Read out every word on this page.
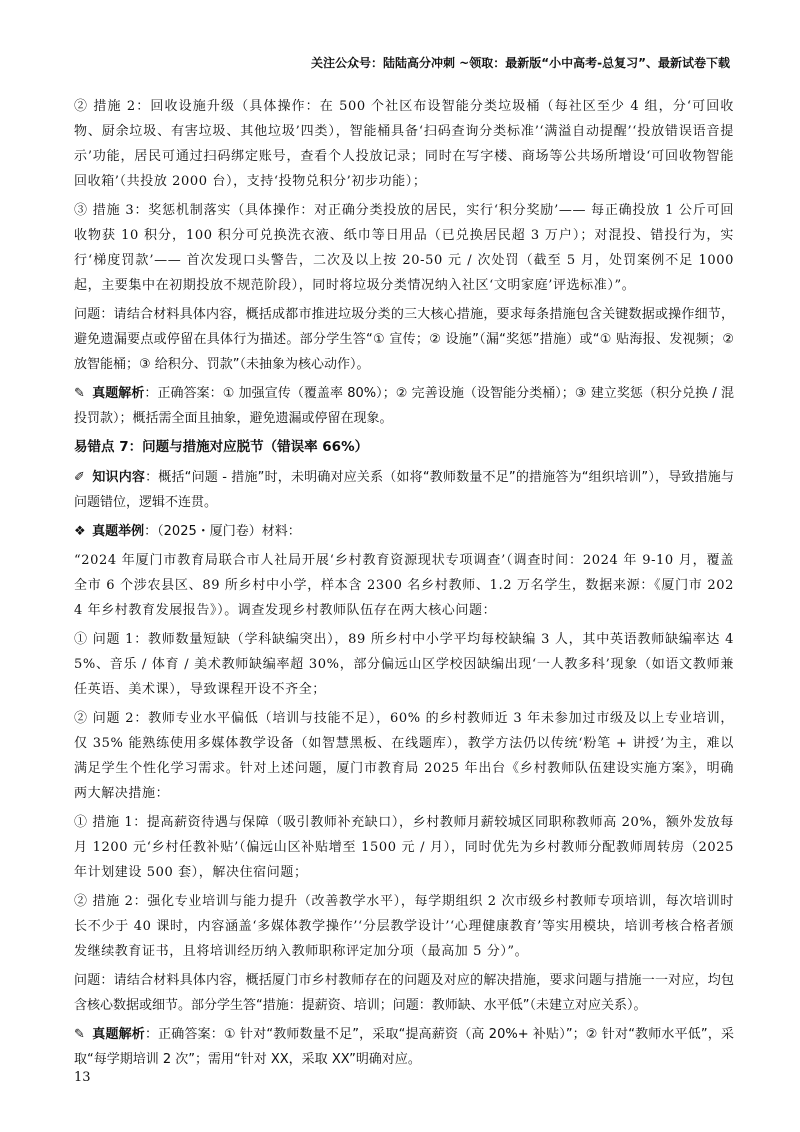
关注公众号：陆陆高分冲刺 ~领取：最新版“小中高考-总复习”、最新试卷下载

② 措施 2：回收设施升级（具体操作：在 500 个社区布设智能分类垃圾桶（每社区至少 4 组，分‘可回收物、厨余垃圾、有害垃圾、其他垃圾’四类），智能桶具备‘扫码查询分类标准’‘满溢自动提醒’‘投放错误语音提示’功能，居民可通过扫码绑定账号，查看个人投放记录；同时在写字楼、商场等公共场所增设‘可回收物智能回收箱’（共投放 2000 台），支持‘投物兑积分’初步功能）；

③ 措施 3：奖惩机制落实（具体操作：对正确分类投放的居民，实行‘积分奖励’—— 每正确投放 1 公斤可回收物获 10 积分，100 积分可兑换洗衣液、纸巾等日用品（已兑换居民超 3 万户）；对混投、错投行为，实行‘梯度罚款’—— 首次发现口头警告，二次及以上按 20-50 元 / 次处罚（截至 5 月，处罚案例不足 1000 起，主要集中在初期投放不规范阶段），同时将垃圾分类情况纳入社区‘文明家庭’评选标准）”。

问题：请结合材料具体内容，概括成都市推进垃圾分类的三大核心措施，要求每条措施包含关键数据或操作细节，避免遗漏要点或停留在具体行为描述。部分学生答“① 宣传；② 设施”（漏“奖惩”措施）或“① 贴海报、发视频；② 放智能桶；③ 给积分、罚款”（未抽象为核心动作）。

✎ 真题解析：正确答案：① 加强宣传（覆盖率 80%）；② 完善设施（设智能分类桶）；③ 建立奖惩（积分兑换 / 混投罚款）；概括需全面且抽象，避免遗漏或停留在现象。

易错点 7：问题与措施对应脱节（错误率 66%）

✐ 知识内容：概括“问题 - 措施”时，未明确对应关系（如将“教师数量不足”的措施答为“组织培训”），导致措施与问题错位，逻辑不连贯。

❖ 真题举例：（2025・厦门卷）材料：

“2024 年厦门市教育局联合市人社局开展‘乡村教育资源现状专项调查’（调查时间：2024 年 9-10 月，覆盖全市 6 个涉农县区、89 所乡村中小学，样本含 2300 名乡村教师、1.2 万名学生，数据来源：《厦门市 2024 年乡村教育发展报告》）。调查发现乡村教师队伍存在两大核心问题：

① 问题 1：教师数量短缺（学科缺编突出），89 所乡村中小学平均每校缺编 3 人，其中英语教师缺编率达 45%、音乐 / 体育 / 美术教师缺编率超 30%，部分偏远山区学校因缺编出现‘一人教多科’现象（如语文教师兼任英语、美术课），导致课程开设不齐全；

② 问题 2：教师专业水平偏低（培训与技能不足），60% 的乡村教师近 3 年未参加过市级及以上专业培训，仅 35% 能熟练使用多媒体教学设备（如智慧黑板、在线题库），教学方法仍以传统‘粉笔 + 讲授’为主，难以满足学生个性化学习需求。针对上述问题，厦门市教育局 2025 年出台《乡村教师队伍建设实施方案》，明确两大解决措施：

① 措施 1：提高薪资待遇与保障（吸引教师补充缺口），乡村教师月薪较城区同职称教师高 20%，额外发放每月 1200 元‘乡村任教补贴’（偏远山区补贴增至 1500 元 / 月），同时优先为乡村教师分配教师周转房（2025 年计划建设 500 套），解决住宿问题；

② 措施 2：强化专业培训与能力提升（改善教学水平），每学期组织 2 次市级乡村教师专项培训，每次培训时长不少于 40 课时，内容涵盖‘多媒体教学操作’‘分层教学设计’‘心理健康教育’等实用模块，培训考核合格者颁发继续教育证书，且将培训经历纳入教师职称评定加分项（最高加 5 分）”。

问题：请结合材料具体内容，概括厦门市乡村教师存在的问题及对应的解决措施，要求问题与措施一一对应，均包含核心数据或细节。部分学生答“措施：提薪资、培训；问题：教师缺、水平低”（未建立对应关系）。

✎ 真题解析：正确答案：① 针对“教师数量不足”，采取“提高薪资（高 20%+ 补贴）”；② 针对“教师水平低”，采取“每学期培训 2 次”；需用“针对 XX，采取 XX”明确对应。

13
